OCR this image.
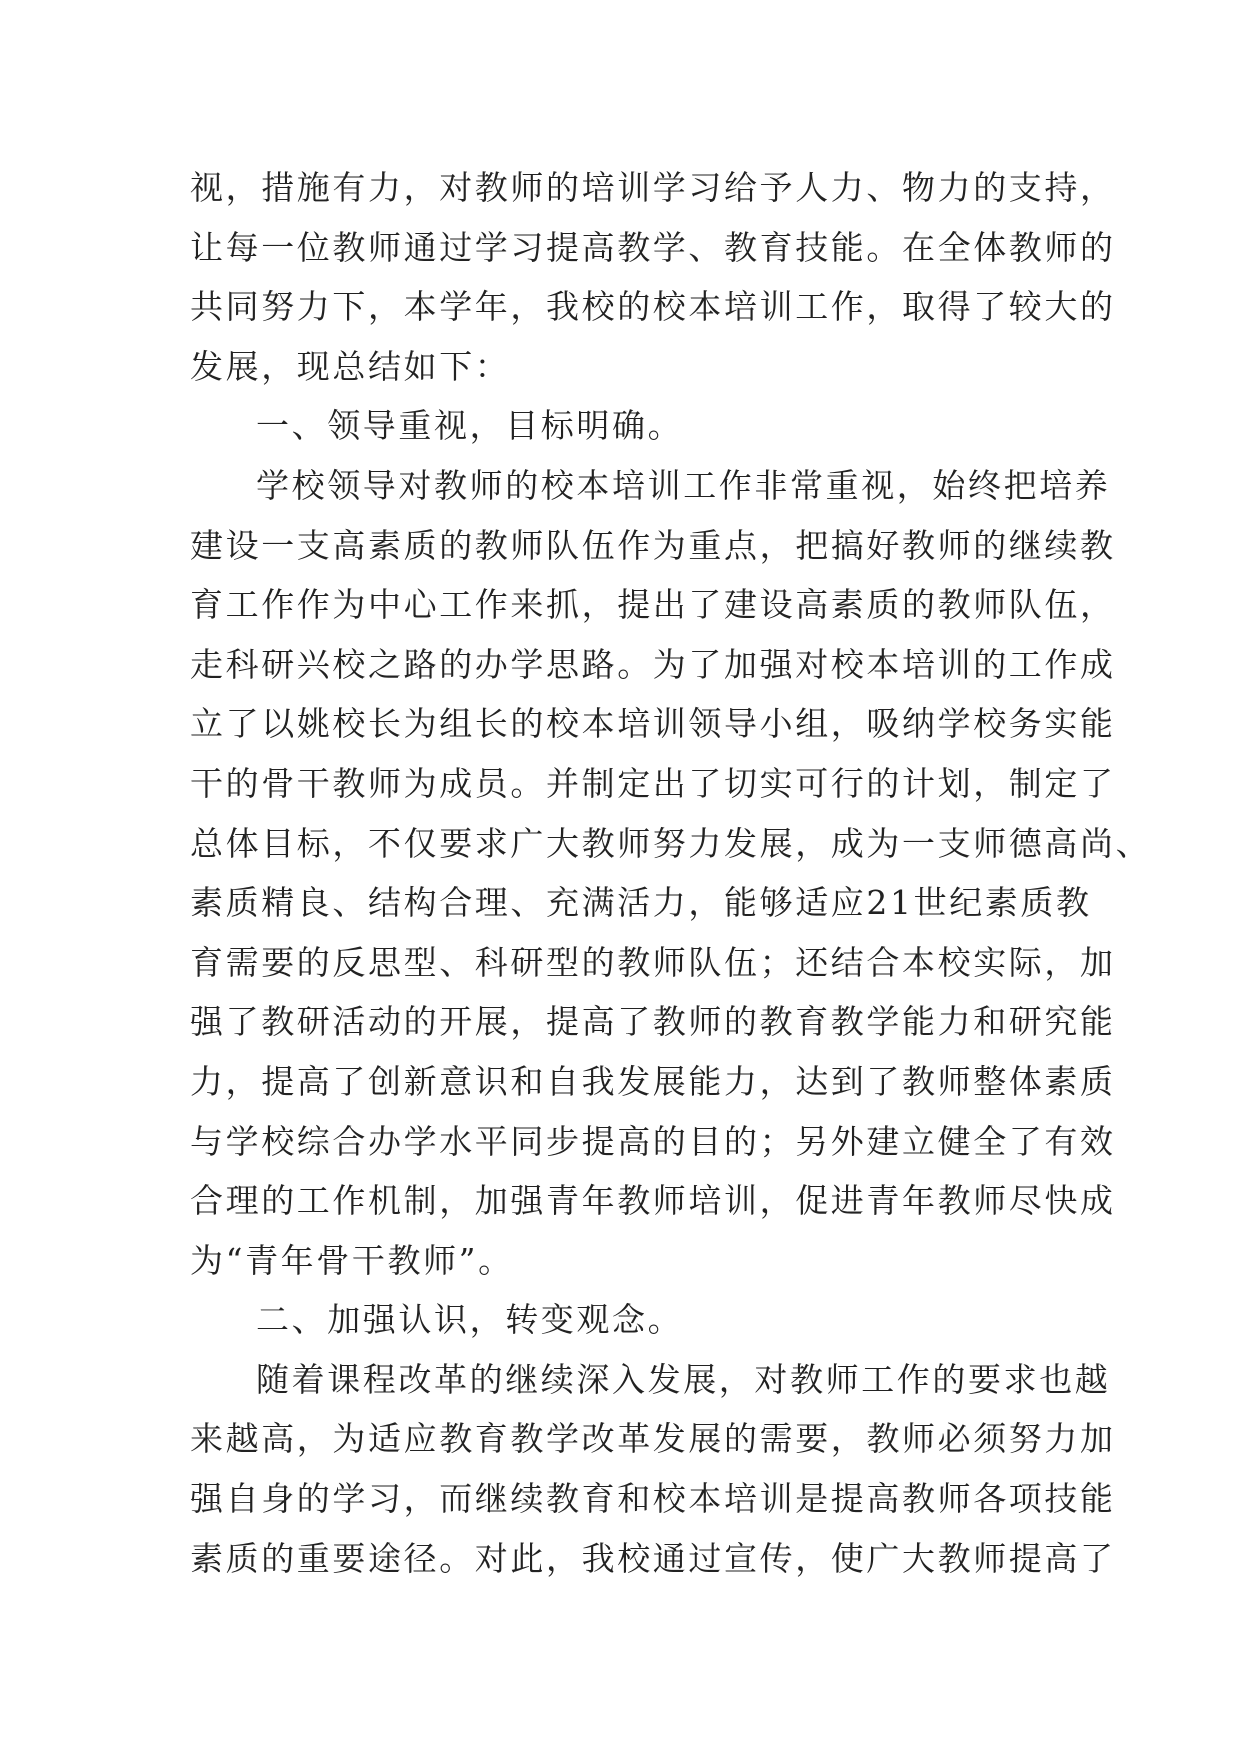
视，措施有力，对教师的培训学习给予人力、物力的支持，
让每一位教师通过学习提高教学、教育技能。在全体教师的
共同努力下，本学年，我校的校本培训工作，取得了较大的
发展，现总结如下：
一、领导重视，目标明确。
学校领导对教师的校本培训工作非常重视，始终把培养
建设一支高素质的教师队伍作为重点，把搞好教师的继续教
育工作作为中心工作来抓，提出了建设高素质的教师队伍，
走科研兴校之路的办学思路。为了加强对校本培训的工作成
立了以姚校长为组长的校本培训领导小组，吸纳学校务实能
干的骨干教师为成员。并制定出了切实可行的计划，制定了
总体目标，不仅要求广大教师努力发展，成为一支师德高尚、
素质精良、结构合理、充满活力，能够适应21世纪素质教
育需要的反思型、科研型的教师队伍；还结合本校实际，加
强了教研活动的开展，提高了教师的教育教学能力和研究能
力，提高了创新意识和自我发展能力，达到了教师整体素质
与学校综合办学水平同步提高的目的；另外建立健全了有效
合理的工作机制，加强青年教师培训，促进青年教师尽快成
为“青年骨干教师”。
二、加强认识，转变观念。
随着课程改革的继续深入发展，对教师工作的要求也越
来越高，为适应教育教学改革发展的需要，教师必须努力加
强自身的学习，而继续教育和校本培训是提高教师各项技能
素质的重要途径。对此，我校通过宣传，使广大教师提高了
